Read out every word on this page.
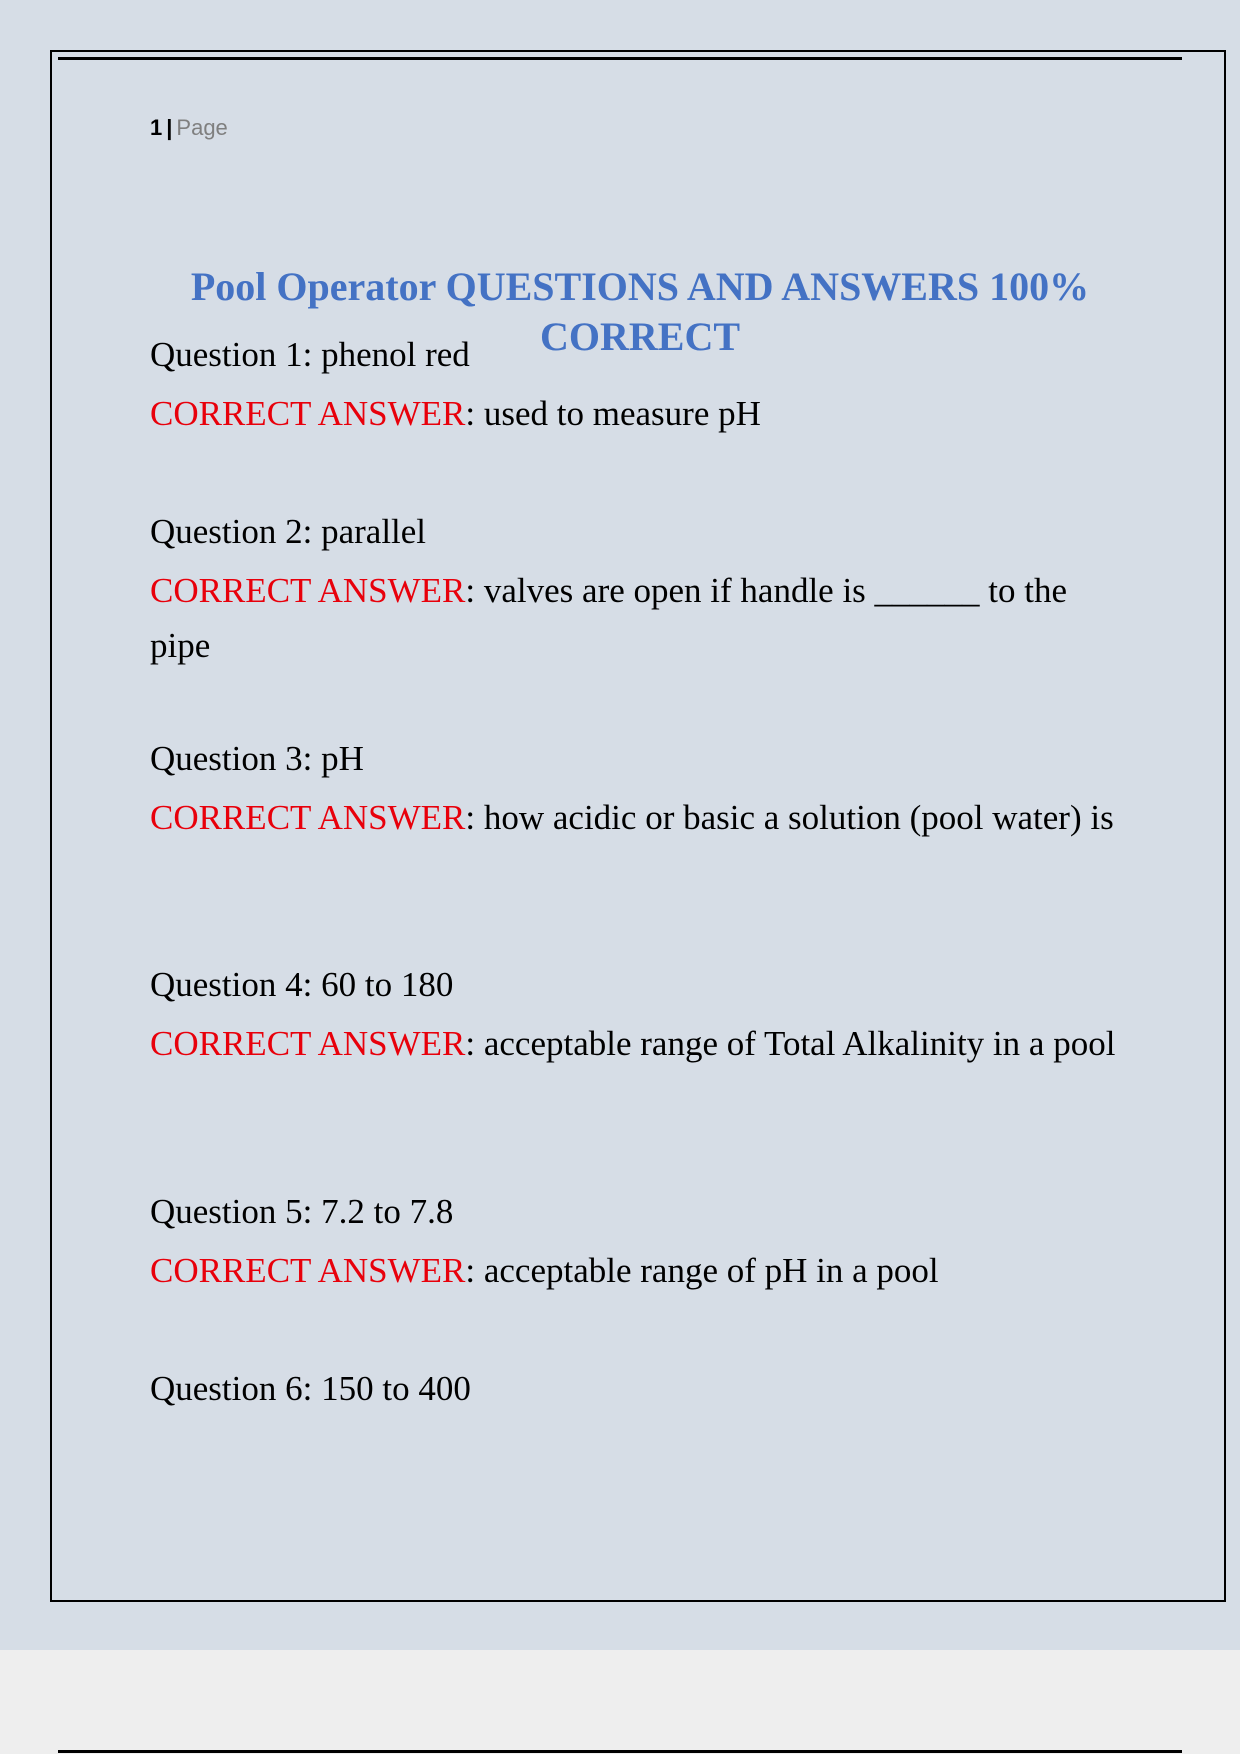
1 | Page
Pool Operator QUESTIONS AND ANSWERS 100% CORRECT

Question 1: phenol red

CORRECT ANSWER: used to measure pH

Question 2: parallel

CORRECT ANSWER: valves are open if handle is ______ to the pipe

Question 3: pH

CORRECT ANSWER: how acidic or basic a solution (pool water) is

Question 4: 60 to 180

CORRECT ANSWER: acceptable range of Total Alkalinity in a pool

Question 5: 7.2 to 7.8

CORRECT ANSWER: acceptable range of pH in a pool

Question 6: 150 to 400
